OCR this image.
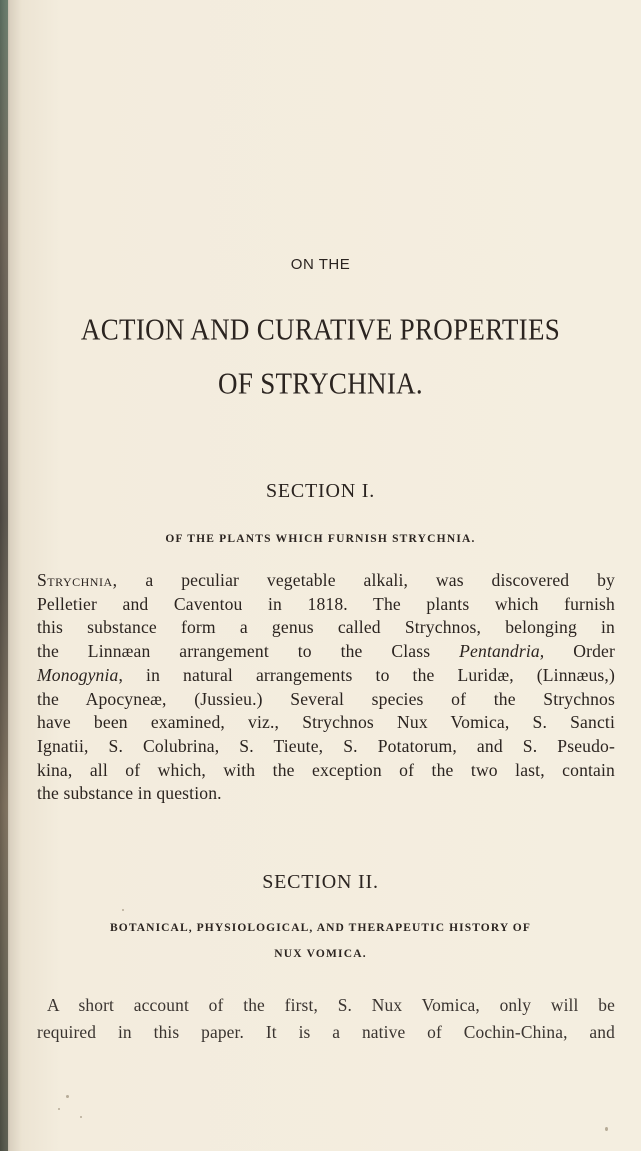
ON THE
ACTION AND CURATIVE PROPERTIES
OF STRYCHNIA.
SECTION I.
OF THE PLANTS WHICH FURNISH STRYCHNIA.
Strychnia, a peculiar vegetable alkali, was discovered by
Pelletier and Caventou in 1818. The plants which furnish
this substance form a genus called Strychnos, belonging in
the Linnæan arrangement to the Class Pentandria, Order
Monogynia, in natural arrangements to the Luridæ, (Linnæus,)
the Apocyneæ, (Jussieu.) Several species of the Strychnos
have been examined, viz., Strychnos Nux Vomica, S. Sancti
Ignatii, S. Colubrina, S. Tieute, S. Potatorum, and S. Pseudo-
kina, all of which, with the exception of the two last, contain
the substance in question.
SECTION II.
BOTANICAL, PHYSIOLOGICAL, AND THERAPEUTIC HISTORY OF
NUX VOMICA.
A short account of the first, S. Nux Vomica, only will be
required in this paper. It is a native of Cochin-China, and
